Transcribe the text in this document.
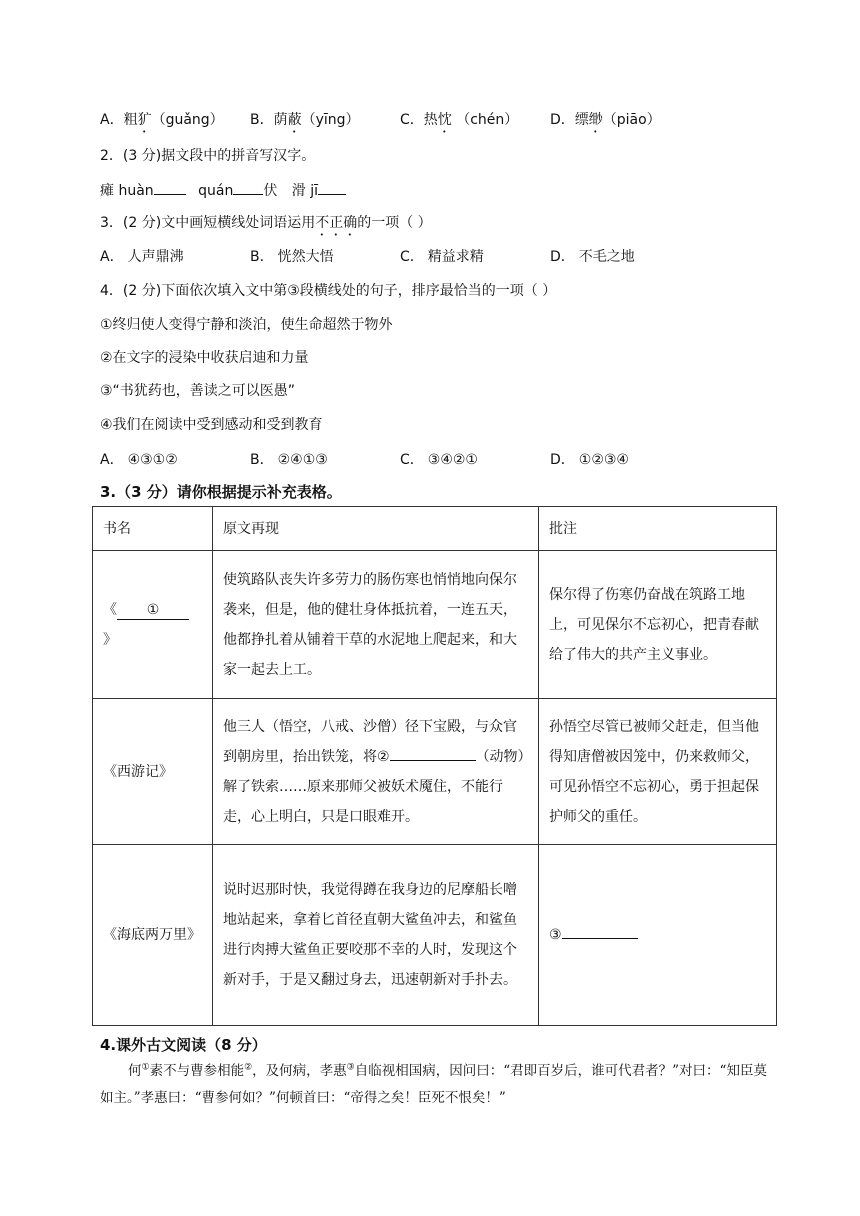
A．粗犷（guǎng） B．荫蔽（yīng）	C．热忱 （chén） D．缥缈（piāo）
2．(3 分)据文段中的拼音写汉字。
瘫 huàn	quán 伏 滑 jī
3．(2 分)文中画短横线处词语运用不正确的一项（ ）
A． 人声鼎沸	B． 恍然大悟	C． 精益求精	D． 不毛之地
4．(2 分)下面依次填入文中第③段横线处的句子，排序最恰当的一项（ ）
①终归使人变得宁静和淡泊，使生命超然于物外
②在文字的浸染中收获启迪和力量
③“书犹药也，善读之可以医愚”
④我们在阅读中受到感动和受到教育
A． ④③①②	B． ②④①③	C． ③④②①	D． ①②③④
3.（3 分）请你根据提示补充表格。
书名	原文再现	批注
《 ①》	使筑路队丧失许多劳力的肠伤寒也悄悄地向保尔袭来，但是，他的健壮身体抵抗着，一连五天，他都挣扎着从铺着干草的水泥地上爬起来，和大家一起去上工。	保尔得了伤寒仍奋战在筑路工地上，可见保尔不忘初心，把青春献给了伟大的共产主义事业。
《西游记》	他三人（悟空，八戒、沙僧）径下宝殿，与众官到朝房里，抬出铁笼，将② （动物）解了铁索……原来那师父被妖术魇住，不能行走，心上明白，只是口眼难开。	孙悟空尽管已被师父赶走，但当他得知唐僧被因笼中，仍来救师父，可见孙悟空不忘初心，勇于担起保护师父的重任。
《海底两万里》	说时迟那时快，我觉得蹲在我身边的尼摩船长噌地站起来，拿着匕首径直朝大鲨鱼冲去，和鲨鱼进行肉搏大鲨鱼正要咬那不幸的人时，发现这个新对手，于是又翻过身去，迅速朝新对手扑去。	③
4.课外古文阅读（8 分）
何①素不与曹参相能②，及何病，孝惠③自临视相国病，因问曰：“君即百岁后，谁可代君者？”对曰：“知臣莫如主。”孝惠曰：“曹参何如？”何顿首曰：“帝得之矣！臣死不恨矣！”
